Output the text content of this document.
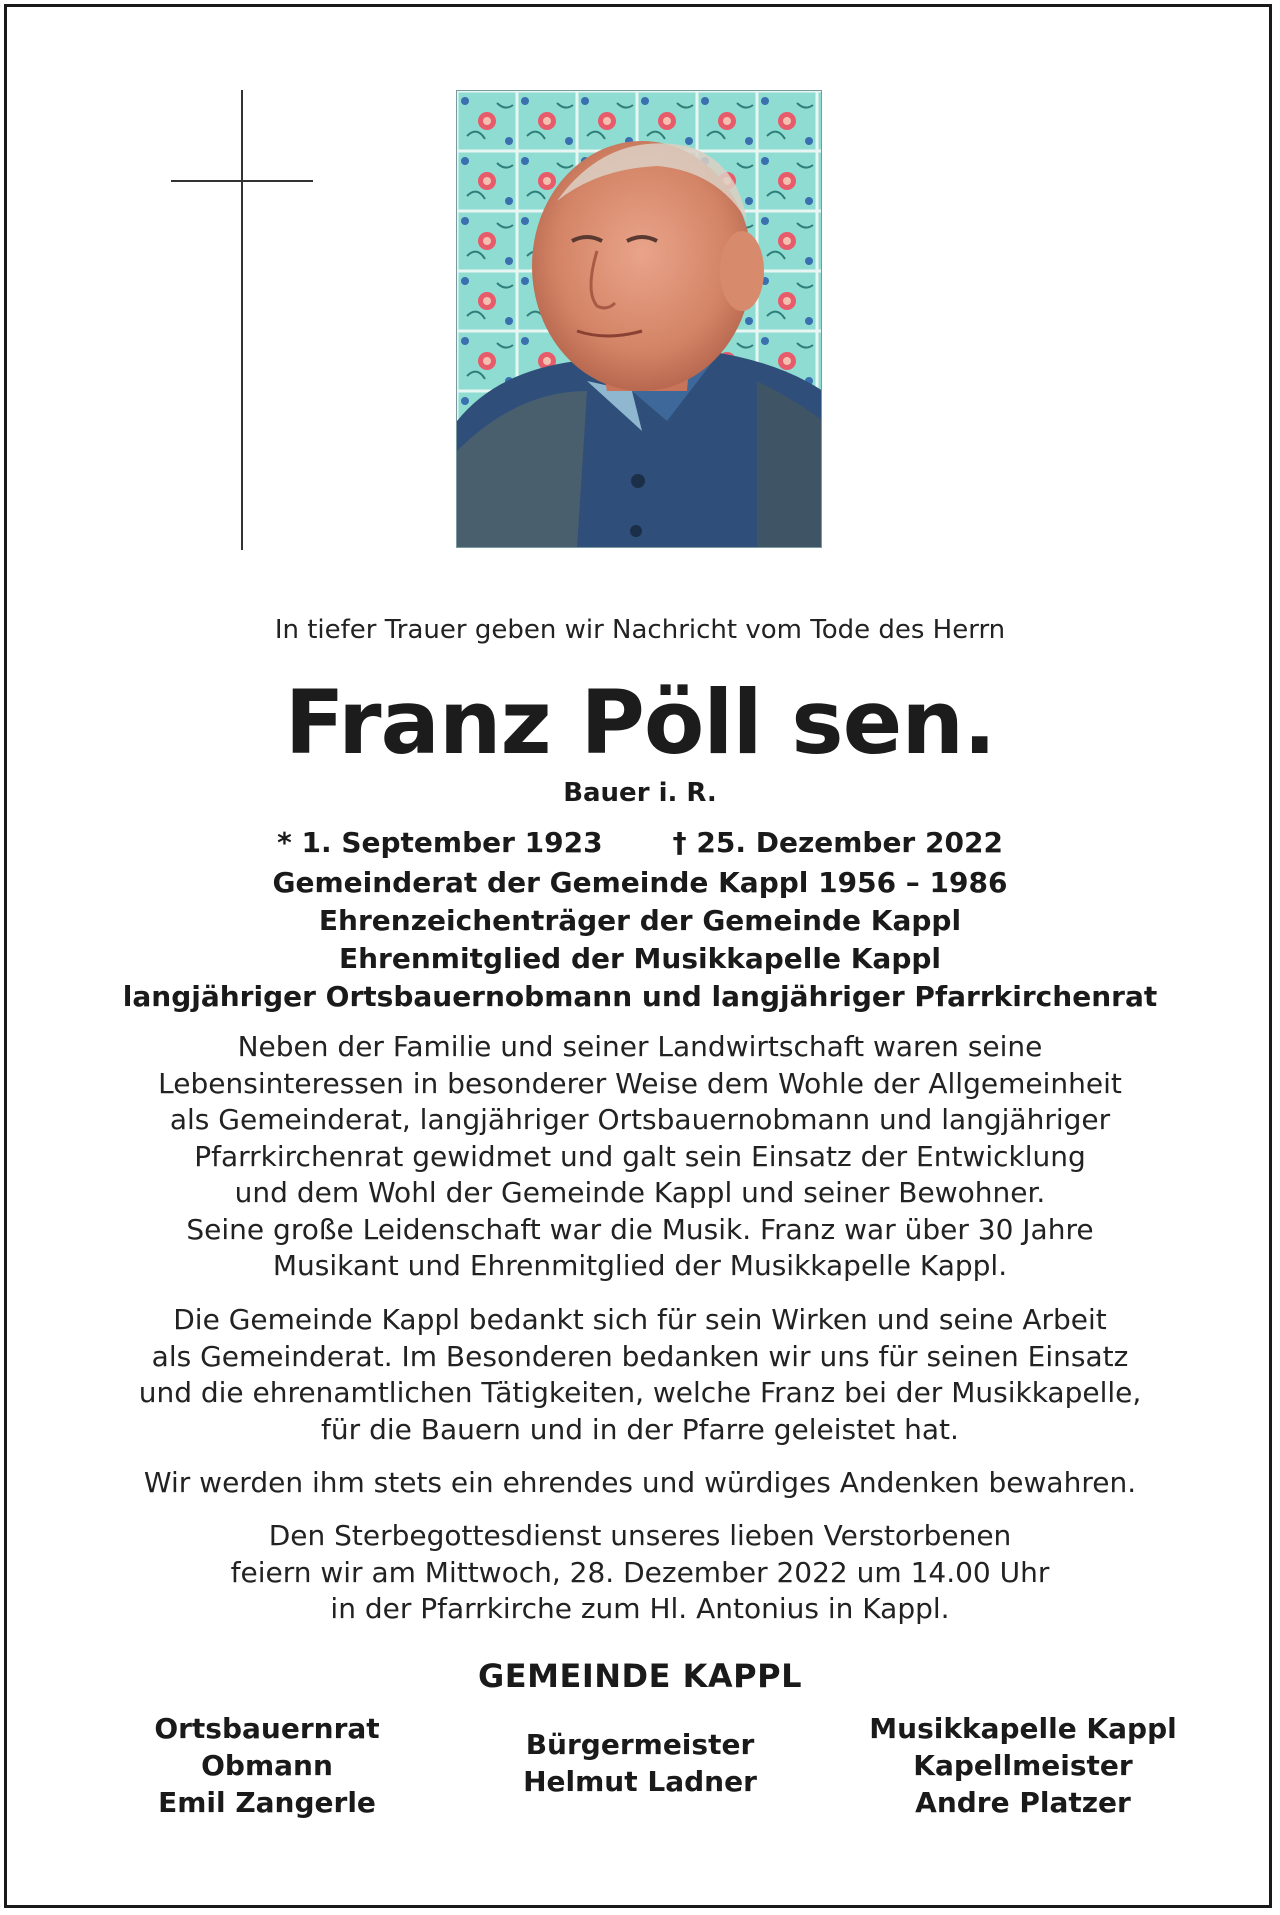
In tiefer Trauer geben wir Nachricht vom Tode des Herrn
Franz Pöll sen.
Bauer i. R.
* 1. September 1923	† 25. Dezember 2022
Gemeinderat der Gemeinde Kappl 1956 – 1986
Ehrenzeichenträger der Gemeinde Kappl
Ehrenmitglied der Musikkapelle Kappl
langjähriger Ortsbauernobmann und langjähriger Pfarrkirchenrat
Neben der Familie und seiner Landwirtschaft waren seine
Lebensinteressen in besonderer Weise dem Wohle der Allgemeinheit
als Gemeinderat, langjähriger Ortsbauernobmann und langjähriger
Pfarrkirchenrat gewidmet und galt sein Einsatz der Entwicklung
und dem Wohl der Gemeinde Kappl und seiner Bewohner.
Seine große Leidenschaft war die Musik. Franz war über 30 Jahre
Musikant und Ehrenmitglied der Musikkapelle Kappl.
Die Gemeinde Kappl bedankt sich für sein Wirken und seine Arbeit
als Gemeinderat. Im Besonderen bedanken wir uns für seinen Einsatz
und die ehrenamtlichen Tätigkeiten, welche Franz bei der Musikkapelle,
für die Bauern und in der Pfarre geleistet hat.
Wir werden ihm stets ein ehrendes und würdiges Andenken bewahren.
Den Sterbegottesdienst unseres lieben Verstorbenen
feiern wir am Mittwoch, 28. Dezember 2022 um 14.00 Uhr
in der Pfarrkirche zum Hl. Antonius in Kappl.
GEMEINDE KAPPL
Ortsbauernrat
Obmann
Emil Zangerle
Bürgermeister
Helmut Ladner
Musikkapelle Kappl
Kapellmeister
Andre Platzer
